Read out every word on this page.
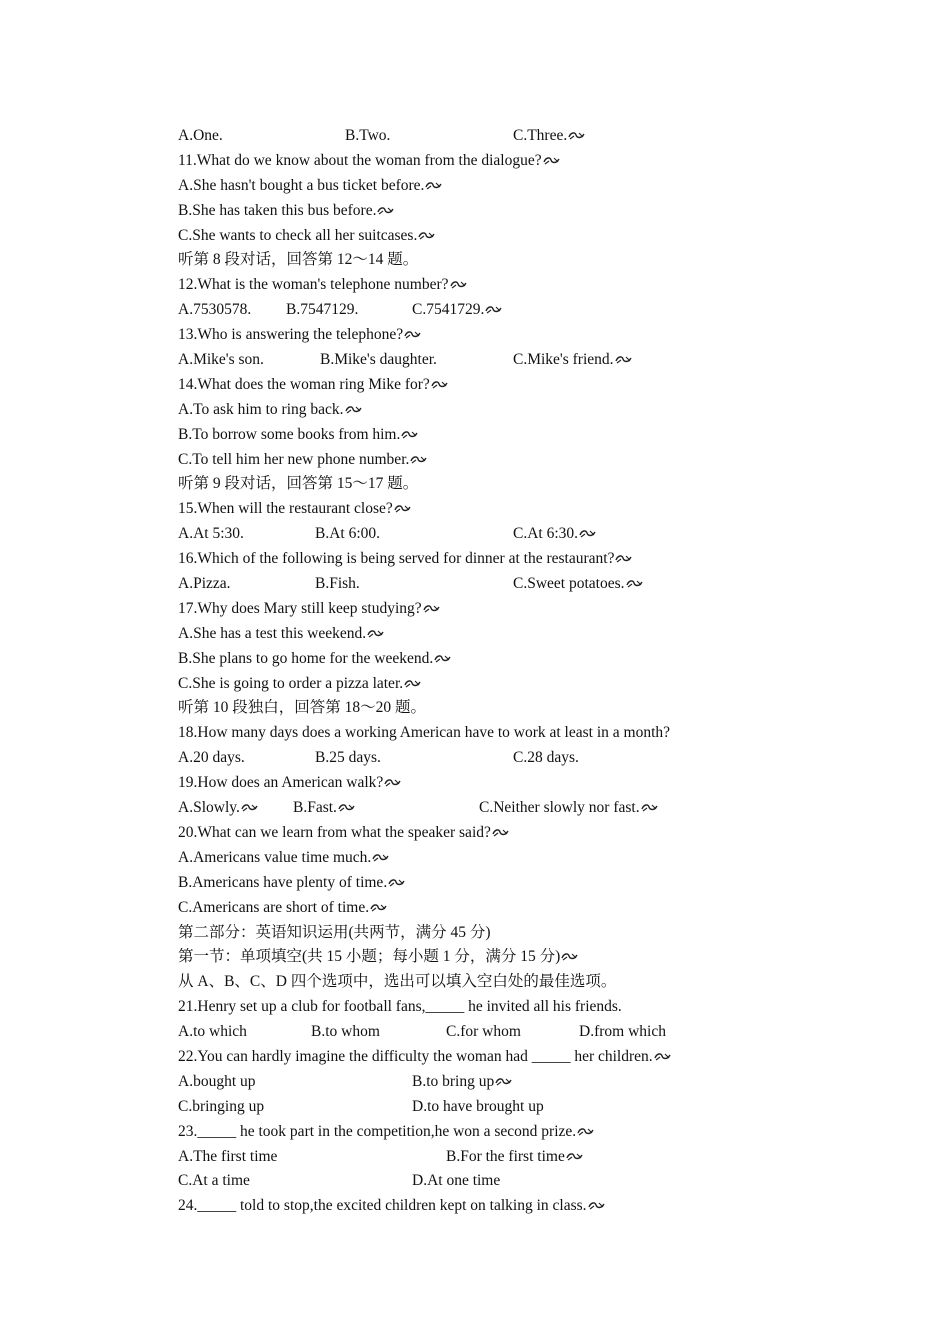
A.One.	B.Two.	C.Three.
11.What do we know about the woman from the dialogue?
A.She hasn't bought a bus ticket before.
B.She has taken this bus before.
C.She wants to check all her suitcases.
听第 8 段对话，回答第 12～14 题。
12.What is the woman's telephone number?
A.7530578. B.7547129.	C.7541729.
13.Who is answering the telephone?
A.Mike's son.	B.Mike's daughter.	C.Mike's friend.
14.What does the woman ring Mike for?
A.To ask him to ring back.
B.To borrow some books from him.
C.To tell him her new phone number.
听第 9 段对话，回答第 15～17 题。
15.When will the restaurant close?
A.At 5:30.	B.At 6:00.	C.At 6:30.
16.Which of the following is being served for dinner at the restaurant?
A.Pizza.	B.Fish.	C.Sweet potatoes.
17.Why does Mary still keep studying?
A.She has a test this weekend.
B.She plans to go home for the weekend.
C.She is going to order a pizza later.
听第 10 段独白，回答第 18～20 题。
18.How many days does a working American have to work at least in a month?
A.20 days.	B.25 days.	C.28 days.
19.How does an American walk?
A.Slowly.	B.Fast.	C.Neither slowly nor fast.
20.What can we learn from what the speaker said?
A.Americans value time much.
B.Americans have plenty of time.
C.Americans are short of time.
第二部分：英语知识运用(共两节，满分 45 分)
第一节：单项填空(共 15 小题；每小题 1 分，满分 15 分)
从 A、B、C、D 四个选项中，选出可以填入空白处的最佳选项。
21.Henry set up a club for football fans,_____ he invited all his friends.
A.to which	B.to whom	C.for whom	D.from which
22.You can hardly imagine the difficulty the woman had _____ her children.
A.bought up	B.to bring up
C.bringing up	D.to have brought up
23._____ he took part in the competition,he won a second prize.
A.The first time	B.For the first time
C.At a time	D.At one time
24._____ told to stop,the excited children kept on talking in class.
